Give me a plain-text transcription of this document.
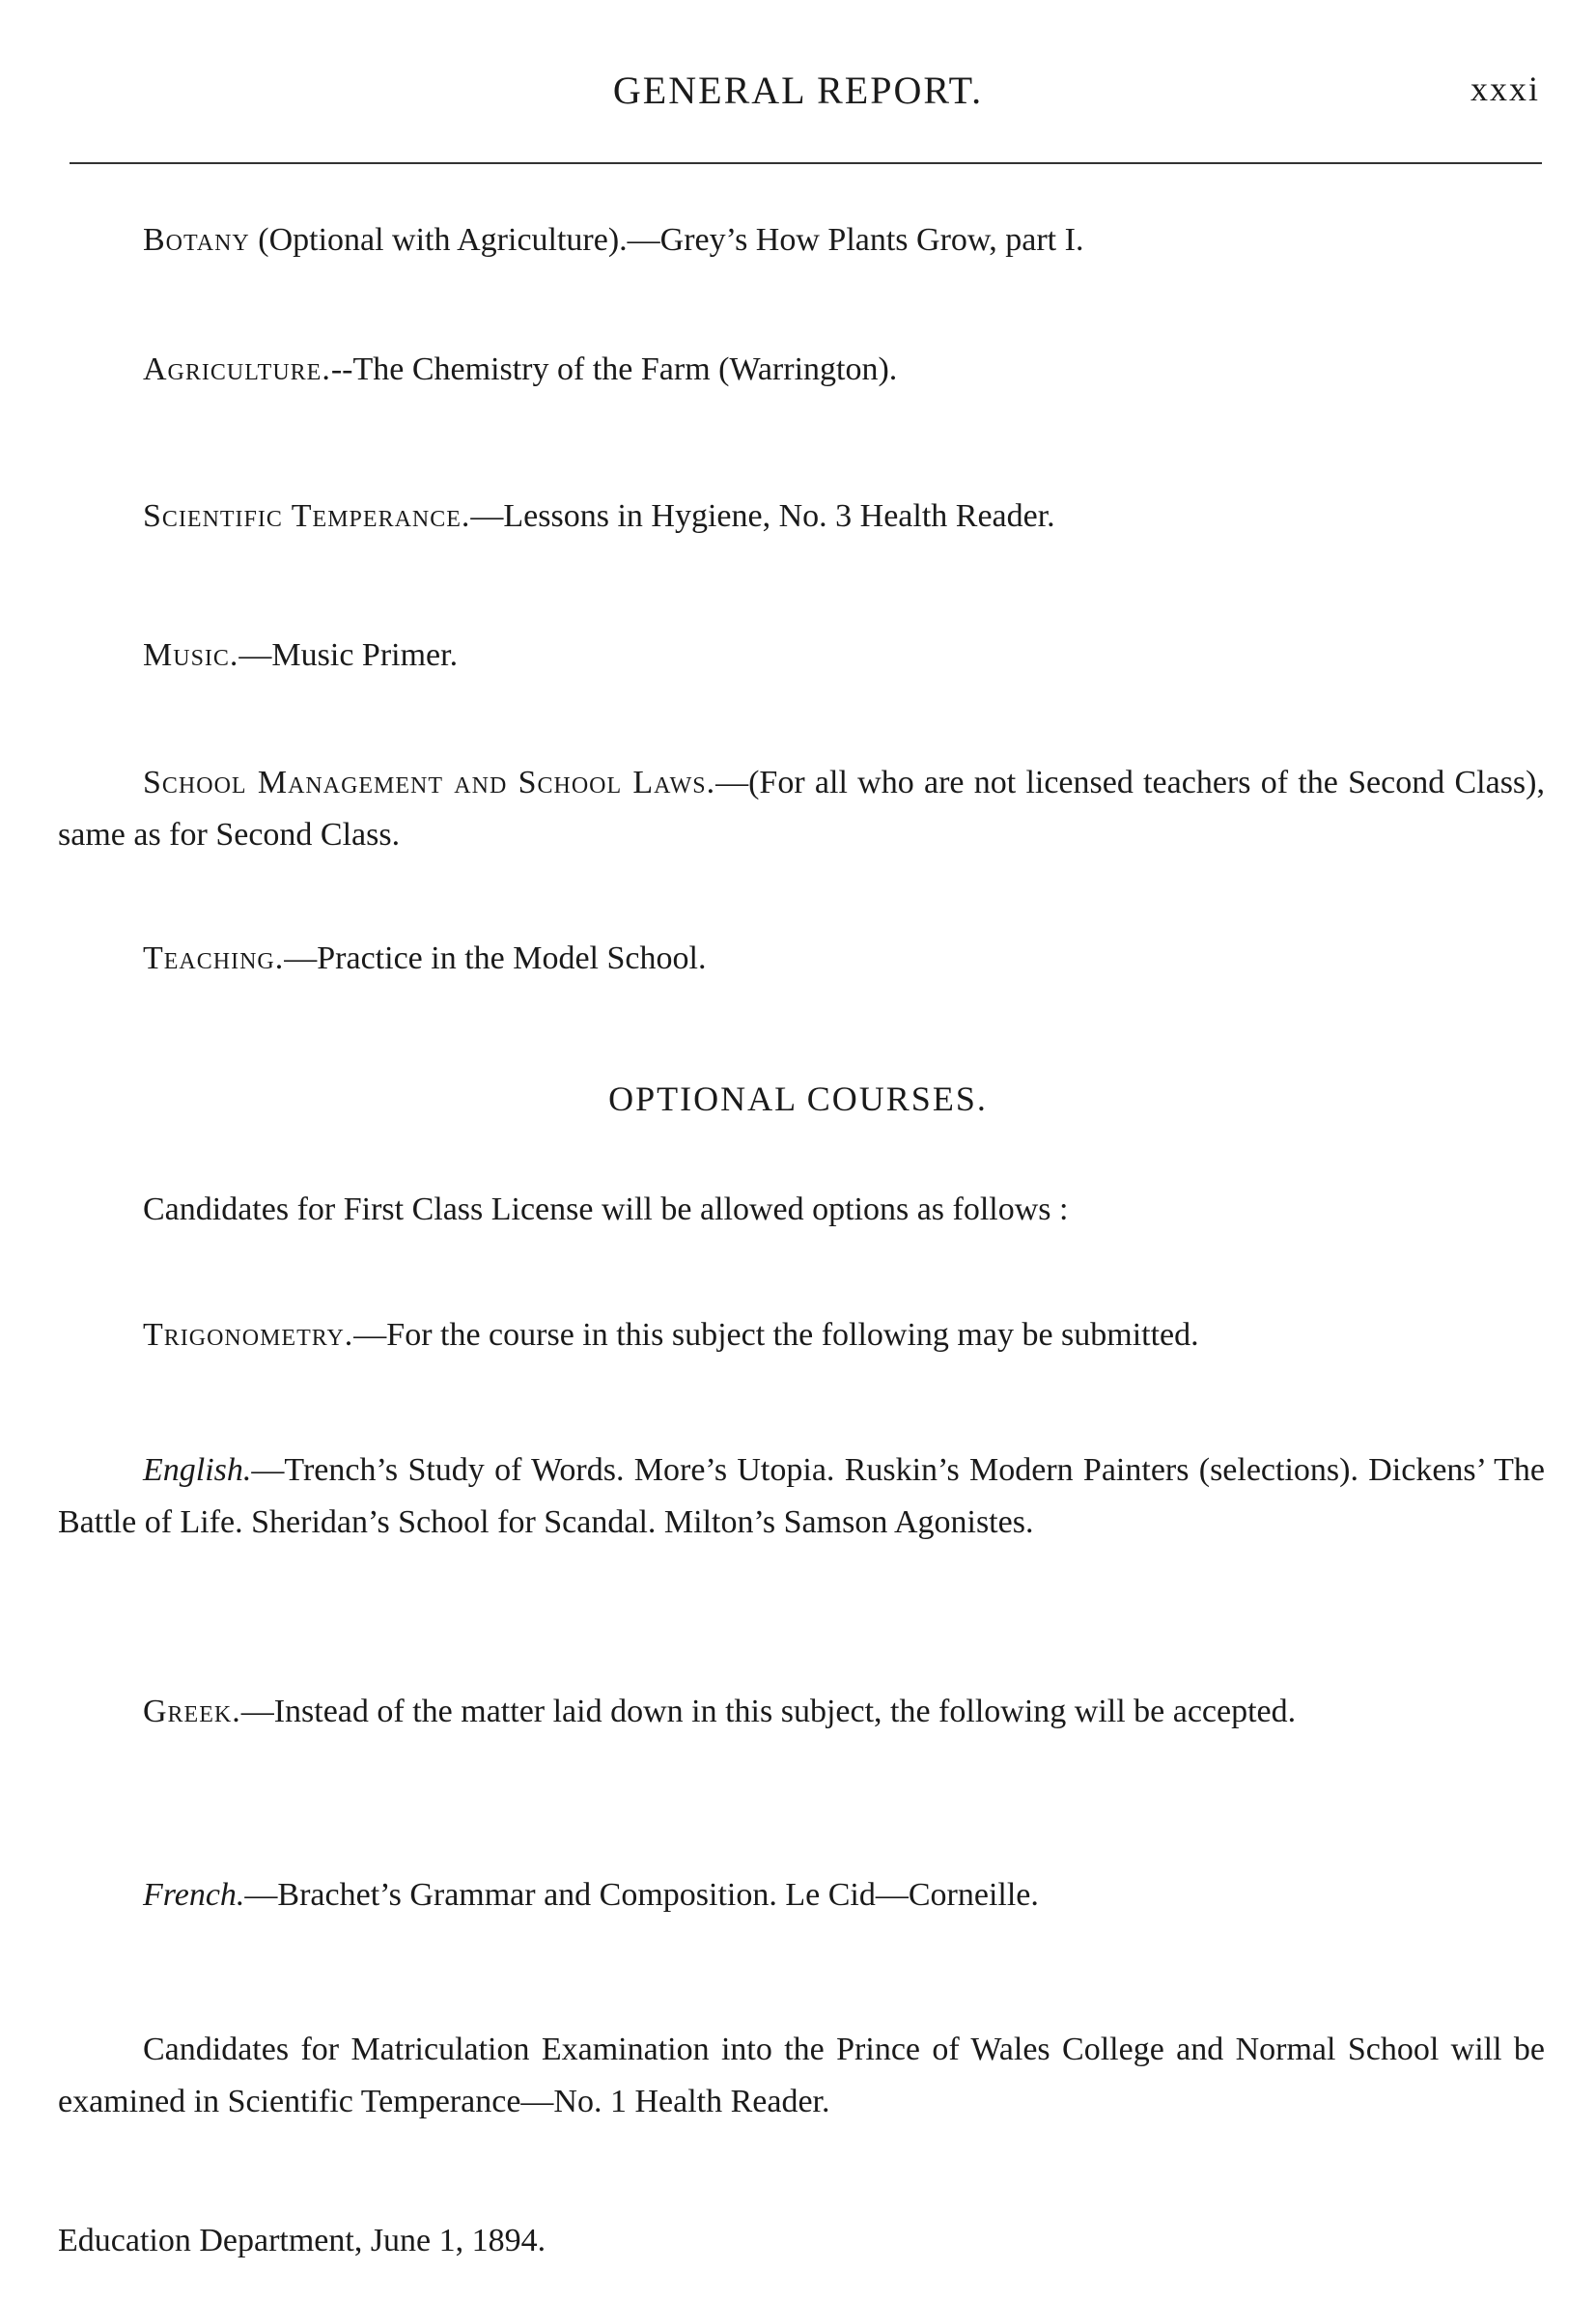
GENERAL REPORT.	xxxi

Botany (Optional with Agriculture).—Grey’s How Plants Grow, part I.

Agriculture.--The Chemistry of the Farm (Warrington).

Scientific Temperance.—Lessons in Hygiene, No. 3 Health Reader.

Music.—Music Primer.

School Management and School Laws.—(For all who are not licensed teachers of the Second Class), same as for Second Class.

Teaching.—Practice in the Model School.

OPTIONAL COURSES.

Candidates for First Class License will be allowed options as follows :

Trigonometry.—For the course in this subject the following may be submitted.

English.—Trench’s Study of Words. More’s Utopia. Ruskin’s Modern Painters (selections). Dickens’ The Battle of Life. Sheridan’s School for Scandal. Milton’s Samson Agonistes.

Greek.—Instead of the matter laid down in this subject, the following will be accepted.

French.—Brachet’s Grammar and Composition. Le Cid—Corneille.

Candidates for Matriculation Examination into the Prince of Wales College and Normal School will be examined in Scientific Temperance—No. 1 Health Reader.

Education Department, June 1, 1894.
